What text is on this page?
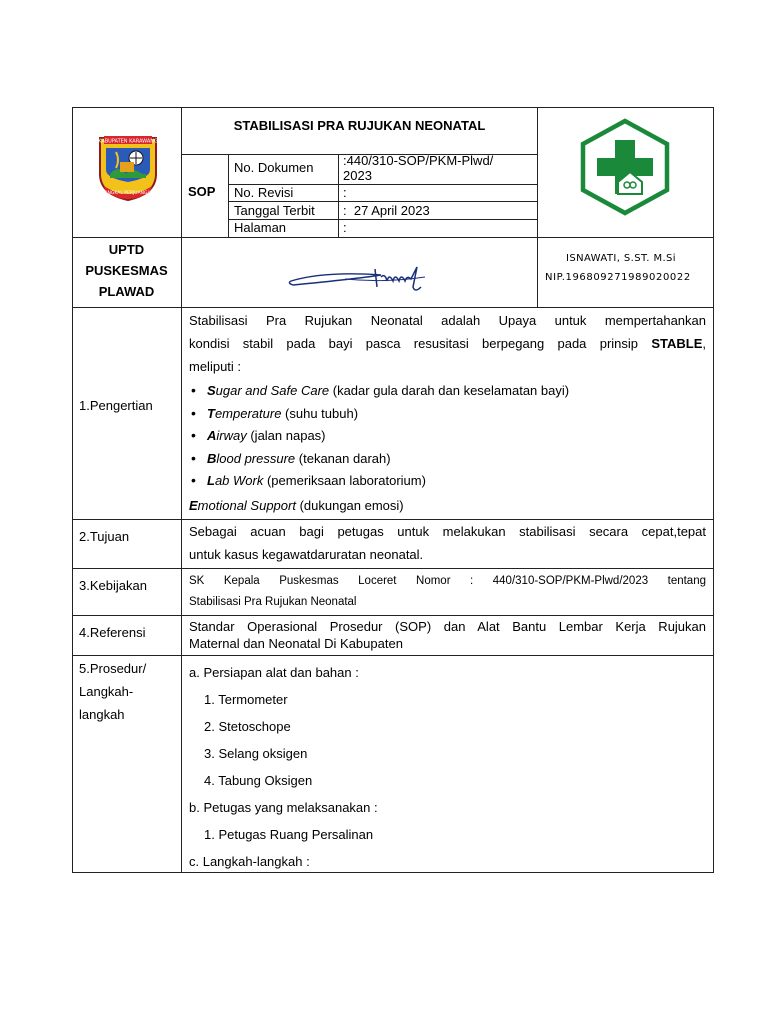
KABUPATEN KARAWANG
PANGKAL PERJUANGAN
STABILISASI PRA RUJUKAN NEONATAL
SOP
No. Dokumen :440/310-SOP/PKM-Plwd/ 2023
No. Revisi	:
Tanggal Terbit :  27 April 2023
Halaman	:
UPTD
PUSKESMAS
PLAWAD
ISNAWATI, S.ST. M.Si
NIP.196809271989020022
1.Pengertian
Stabilisasi Pra Rujukan Neonatal adalah Upaya untuk mempertahankan
kondisi stabil pada bayi pasca resusitasi berpegang pada prinsip STABLE,
meliputi :
• Sugar and Safe Care (kadar gula darah dan keselamatan bayi)
• Temperature (suhu tubuh)
• Airway (jalan napas)
• Blood pressure (tekanan darah)
• Lab Work (pemeriksaan laboratorium)
Emotional Support (dukungan emosi)
2.Tujuan	Sebagai acuan bagi petugas untuk melakukan stabilisasi secara cepat,tepat
untuk kasus kegawatdaruratan neonatal.
3.Kebijakan	SK Kepala Puskesmas Loceret Nomor : 440/310-SOP/PKM-Plwd/2023 tentang
Stabilisasi Pra Rujukan Neonatal
4.Referensi	Standar Operasional Prosedur (SOP) dan Alat Bantu Lembar Kerja Rujukan
Maternal dan Neonatal Di Kabupaten
5.Prosedur/
Langkah-
langkah
a. Persiapan alat dan bahan :
1. Termometer
2. Stetoschope
3. Selang oksigen
4. Tabung Oksigen
b. Petugas yang melaksanakan :
1. Petugas Ruang Persalinan
c. Langkah-langkah :
